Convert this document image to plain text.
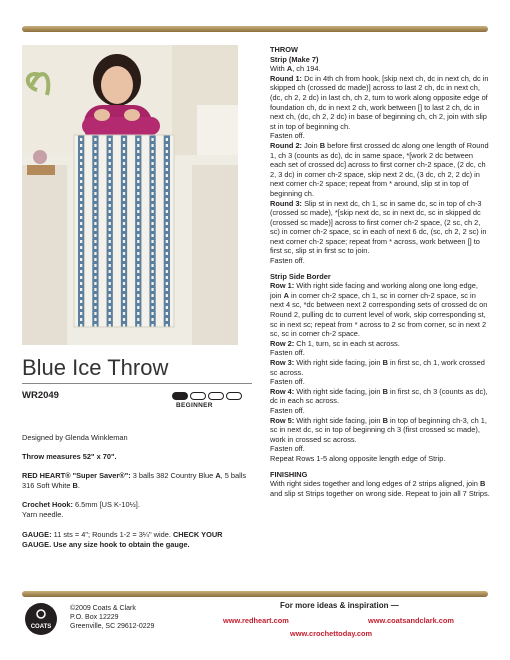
Blue Ice Throw
WR2049
BEGINNER
Designed by Glenda Winkleman
Throw measures 52" x 70".
RED HEART® "Super Saver®": 3 balls 382 Country Blue A, 5 balls 316 Soft White B.
Crochet Hook: 6.5mm [US K-10½].
Yarn needle.
GAUGE: 11 sts = 4"; Rounds 1-2 = 3¼" wide. CHECK YOUR GAUGE. Use any size hook to obtain the gauge.

THROW

Strip (Make 7)

With A, ch 194.

Round 1: Dc in 4th ch from hook, [skip next ch, dc in next ch, dc in skipped ch (crossed dc made)] across to last 2 ch, dc in next ch, (dc, ch 2, 2 dc) in last ch, ch 2, turn to work along opposite edge of foundation ch, dc in next 2 ch, work between [] to last 2 ch, dc in next ch, (dc, ch 2, 2 dc) in base of beginning ch, ch 2, join with slip st in top of beginning ch.

Fasten off.

Round 2: Join B before first crossed dc along one length of Round 1, ch 3 (counts as dc), dc in same space, *[work 2 dc between each set of crossed dc] across to first corner ch-2 space, (2 dc, ch 2, 3 dc) in corner ch-2 space, skip next 2 dc, (3 dc, ch 2, 2 dc) in next corner ch-2 space; repeat from * around, slip st in top of beginning ch.

Round 3: Slip st in next dc, ch 1, sc in same dc, sc in top of ch-3 (crossed sc made), *[skip next dc, sc in next dc, sc in skipped dc (crossed sc made)] across to first corner ch-2 space, (2 sc, ch 2, sc) in corner ch-2 space, sc in each of next 6 dc, (sc, ch 2, 2 sc) in next corner ch-2 space; repeat from * across, work between [] to first sc, slip st in first sc to join.

Fasten off.

Strip Side Border

Row 1: With right side facing and working along one long edge, join A in corner ch-2 space, ch 1, sc in corner ch-2 space, sc in next 4 sc, *dc between next 2 corresponding sets of crossed dc on Round 2, pulling dc to current level of work, skip corresponding st, sc in next sc; repeat from * across to 2 sc from corner, sc in next 2 sc, sc in corner ch-2 space.

Row 2: Ch 1, turn, sc in each st across.

Fasten off.

Row 3: With right side facing, join B in first sc, ch 1, work crossed sc across.

Fasten off.

Row 4: With right side facing, join B in first sc, ch 3 (counts as dc), dc in each sc across.

Fasten off.

Row 5: With right side facing, join B in top of beginning ch-3, ch 1, sc in next dc, sc in top of beginning ch 3 (first crossed sc made), work in crossed sc across.

Fasten off.

Repeat Rows 1-5 along opposite length edge of Strip.

FINISHING

With right sides together and long edges of 2 strips aligned, join B and slip st Strips together on wrong side. Repeat to join all 7 Strips.

COATS
©2009 Coats & Clark
P.O. Box 12229
Greenville, SC 29612-0229
For more ideas & inspiration —
www.redheart.com	www.coatsandclark.com
www.crochettoday.com
